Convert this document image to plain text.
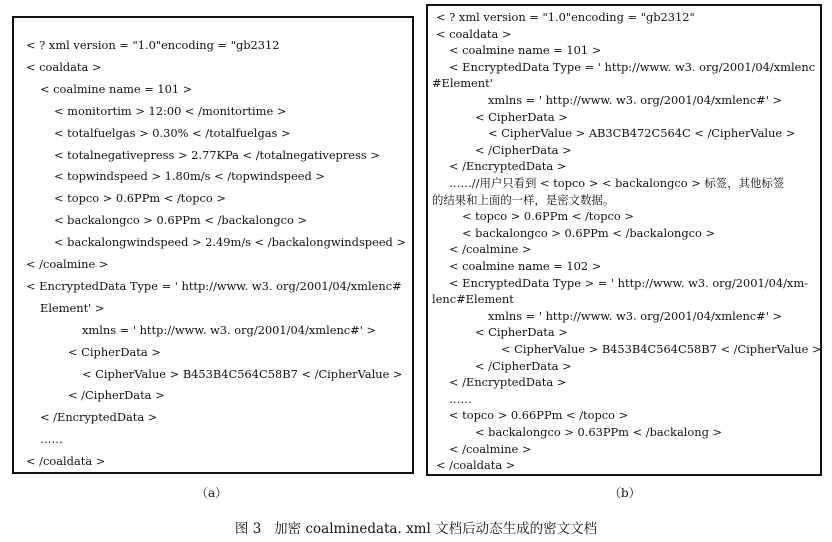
< ? xml version = "1.0"encoding = "gb2312
< coaldata >
< coalmine name = 101 >
< monitortim > 12:00 < /monitortime >
< totalfuelgas > 0.30% < /totalfuelgas >
< totalnegativepress > 2.77KPa < /totalnegativepress >
< topwindspeed > 1.80m/s < /topwindspeed >
< topco > 0.6PPm < /topco >
< backalongco > 0.6PPm < /backalongco >
< backalongwindspeed > 2.49m/s < /backalongwindspeed >
< /coalmine >
< EncryptedData Type = ' http://www. w3. org/2001/04/xmlenc#
Element' >
xmlns = ' http://www. w3. org/2001/04/xmlenc#' >
< CipherData >
< CipherValue > B453B4C564C58B7 < /CipherValue >
< /CipherData >
< /EncryptedData >
……
< /coaldata >
< ? xml version = "1.0"encoding = "gb2312"
< coaldata >
< coalmine name = 101 >
< EncryptedData Type = ' http://www. w3. org/2001/04/xmlenc
#Element'
xmlns = ' http://www. w3. org/2001/04/xmlenc#' >
< CipherData >
< CipherValue > AB3CB472C564C < /CipherValue >
< /CipherData >
< /EncryptedData >
……//用户只看到 < topco > < backalongco > 标签，其他标签
的结果和上面的一样，是密文数据。
< topco > 0.6PPm < /topco >
< backalongco > 0.6PPm < /backalongco >
< /coalmine >
< coalmine name = 102 >
< EncryptedData Type > = ' http://www. w3. org/2001/04/xm-
lenc#Element
xmlns = ' http://www. w3. org/2001/04/xmlenc#' >
< CipherData >
< CipherValue > B453B4C564C58B7 < /CipherValue >
< /CipherData >
< /EncryptedData >
……
< topco > 0.66PPm < /topco >
< backalongco > 0.63PPm < /backalong >
< /coalmine >
< /coaldata >
（a）	（b）
图 3 加密 coalminedata. xml 文档后动态生成的密文文档
